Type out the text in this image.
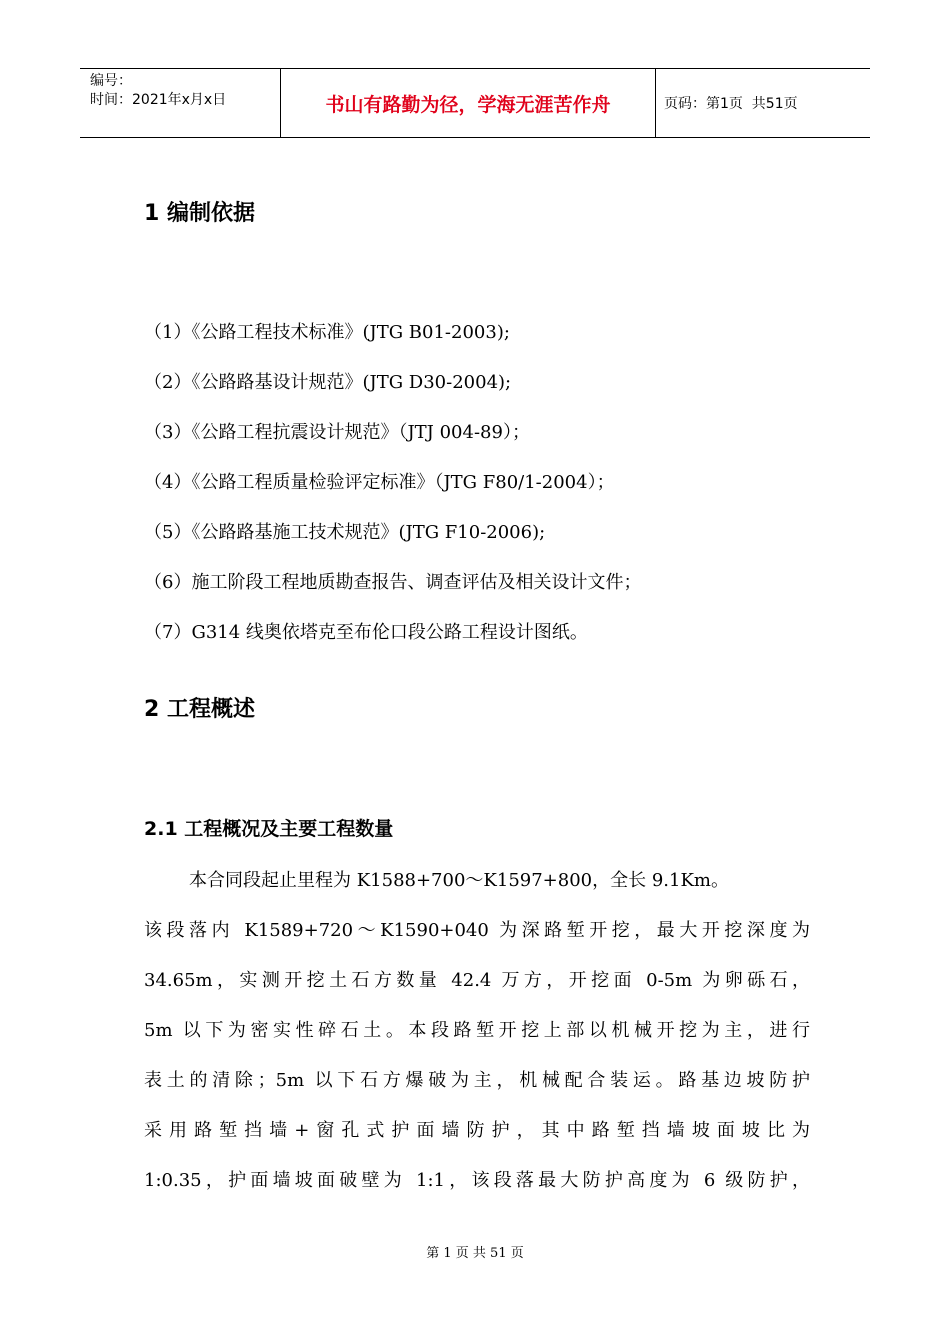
编号：
时间：2021年x月x日	书山有路勤为径，学海无涯苦作舟	页码：第1页  共51页
1 编制依据
（1）《公路工程技术标准》(JTG B01-2003);
（2）《公路路基设计规范》(JTG D30-2004);
（3）《公路工程抗震设计规范》（JTJ 004-89）；
（4）《公路工程质量检验评定标准》（JTG F80/1-2004）；
（5）《公路路基施工技术规范》(JTG F10-2006);
（6）施工阶段工程地质勘查报告、调查评估及相关设计文件；
（7）G314 线奥依塔克至布伦口段公路工程设计图纸。
2 工程概述
2.1 工程概况及主要工程数量
本合同段起止里程为 K1588+700～K1597+800，全长 9.1Km。
该段落内 K1589+720～K1590+040 为深路堑开挖，最大开挖深度为
34.65m，实测开挖土石方数量 42.4 万方，开挖面 0-5m 为卵砾石，
5m 以下为密实性碎石土。本段路堑开挖上部以机械开挖为主，进行
表土的清除；5m 以下石方爆破为主，机械配合装运。路基边坡防护
采用路堑挡墙+窗孔式护面墙防护，其中路堑挡墙坡面坡比为
1:0.35，护面墙坡面破壁为 1:1，该段落最大防护高度为 6 级防护，
第 1 页 共 51 页
